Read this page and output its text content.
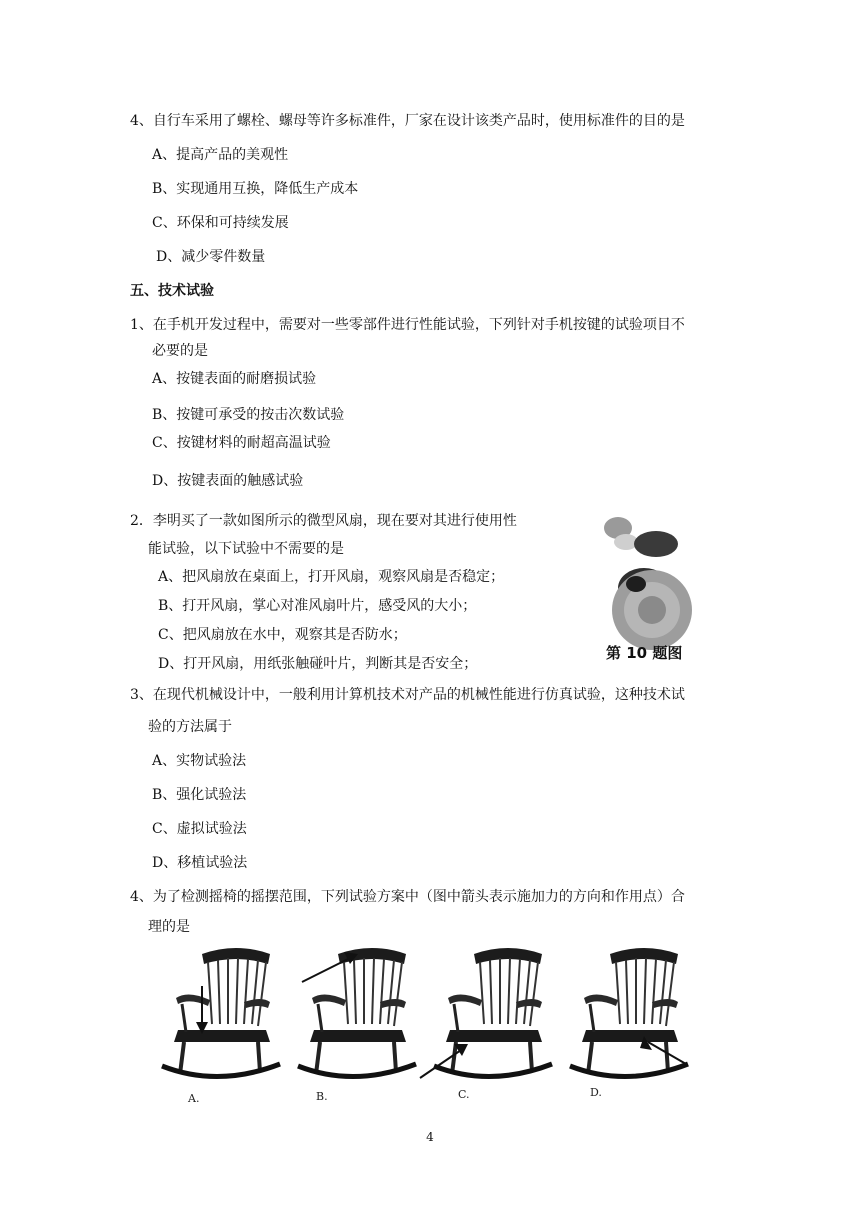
4、自行车采用了螺栓、螺母等许多标准件，厂家在设计该类产品时，使用标准件的目的是
A、提高产品的美观性
B、实现通用互换，降低生产成本
C、环保和可持续发展
D、减少零件数量
五、技术试验
1、在手机开发过程中，需要对一些零部件进行性能试验，下列针对手机按键的试验项目不
必要的是
A、按键表面的耐磨损试验
B、按键可承受的按击次数试验
C、按键材料的耐超高温试验
D、按键表面的触感试验
2．李明买了一款如图所示的微型风扇，现在要对其进行使用性
能试验，以下试验中不需要的是
A、把风扇放在桌面上，打开风扇，观察风扇是否稳定；
B、打开风扇，掌心对准风扇叶片，感受风的大小；
C、把风扇放在水中，观察其是否防水；
D、打开风扇，用纸张触碰叶片，判断其是否安全；
第 10 题图
3、在现代机械设计中，一般利用计算机技术对产品的机械性能进行仿真试验，这种技术试
验的方法属于
A、实物试验法
B、强化试验法
C、虚拟试验法
D、移植试验法
4、为了检测摇椅的摇摆范围，下列试验方案中（图中箭头表示施加力的方向和作用点）合
理的是
A.	B.	C.	D.
4
